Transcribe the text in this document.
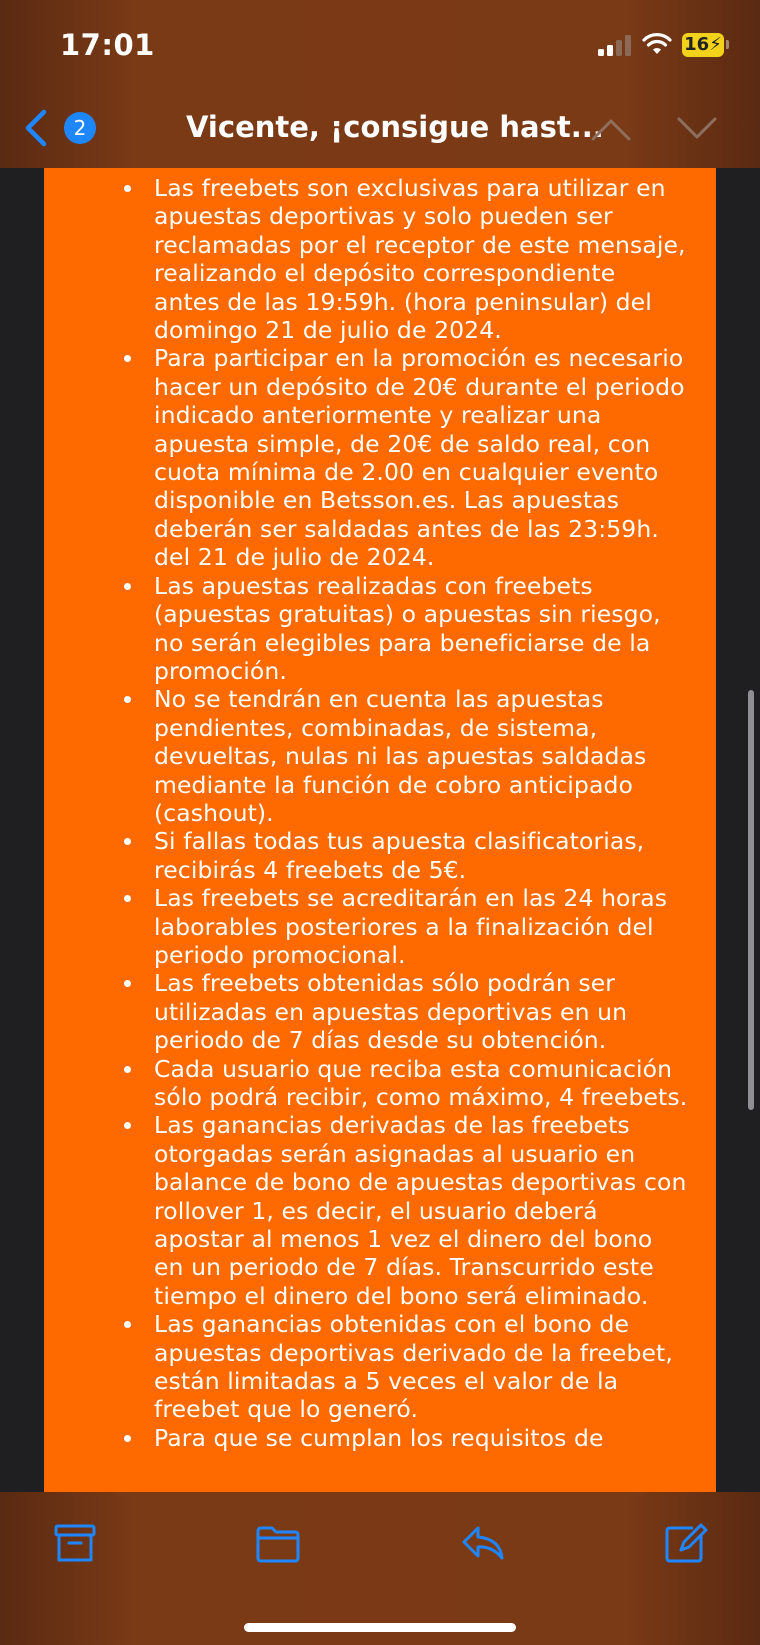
Las freebets son exclusivas para utilizar en apuestas deportivas y solo pueden ser reclamadas por el receptor de este mensaje, realizando el depósito correspondiente antes de las 19:59h. (hora peninsular) del domingo 21 de julio de 2024.
Para participar en la promoción es necesario hacer un depósito de 20€ durante el periodo indicado anteriormente y realizar una apuesta simple, de 20€ de saldo real, con cuota mínima de 2.00 en cualquier evento disponible en Betsson.es. Las apuestas deberán ser saldadas antes de las 23:59h. del 21 de julio de 2024.
Las apuestas realizadas con freebets (apuestas gratuitas) o apuestas sin riesgo, no serán elegibles para beneficiarse de la promoción.
No se tendrán en cuenta las apuestas pendientes, combinadas, de sistema, devueltas, nulas ni las apuestas saldadas mediante la función de cobro anticipado (cashout).
Si fallas todas tus apuesta clasificatorias, recibirás 4 freebets de 5€.
Las freebets se acreditarán en las 24 horas laborables posteriores a la finalización del periodo promocional.
Las freebets obtenidas sólo podrán ser utilizadas en apuestas deportivas en un periodo de 7 días desde su obtención.
Cada usuario que reciba esta comunicación sólo podrá recibir, como máximo, 4 freebets.
Las ganancias derivadas de las freebets otorgadas serán asignadas al usuario en balance de bono de apuestas deportivas con rollover 1, es decir, el usuario deberá apostar al menos 1 vez el dinero del bono en un periodo de 7 días. Transcurrido este tiempo el dinero del bono será eliminado.
Las ganancias obtenidas con el bono de apuestas deportivas derivado de la freebet, están limitadas a 5 veces el valor de la freebet que lo generó.
Para que se cumplan los requisitos de
17:01	16⚡
2	Vicente, ¡consigue hast...
